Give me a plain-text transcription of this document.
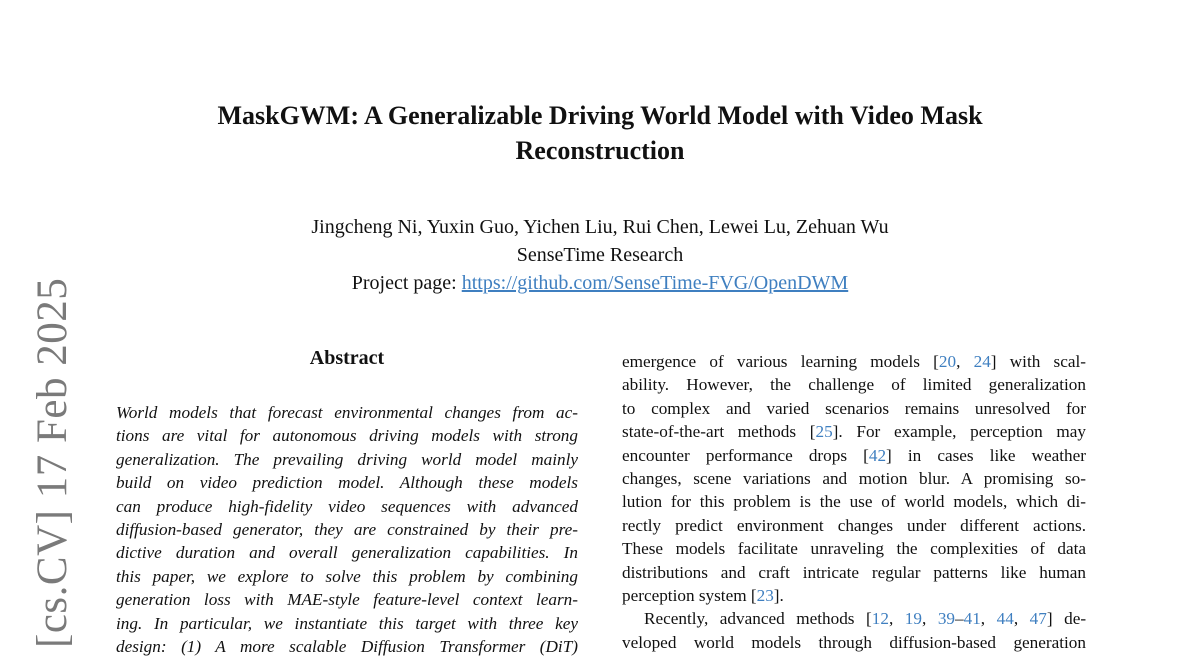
[cs.CV] 17 Feb 2025
MaskGWM: A Generalizable Driving World Model with Video Mask
Reconstruction
Jingcheng Ni, Yuxin Guo, Yichen Liu, Rui Chen, Lewei Lu, Zehuan Wu
SenseTime Research
Project page: https://github.com/SenseTime-FVG/OpenDWM
Abstract
World models that forecast environmental changes from ac-
tions are vital for autonomous driving models with strong
generalization. The prevailing driving world model mainly
build on video prediction model. Although these models
can produce high-fidelity video sequences with advanced
diffusion-based generator, they are constrained by their pre-
dictive duration and overall generalization capabilities. In
this paper, we explore to solve this problem by combining
generation loss with MAE-style feature-level context learn-
ing. In particular, we instantiate this target with three key
design: (1) A more scalable Diffusion Transformer (DiT)
emergence of various learning models [20, 24] with scal-
ability. However, the challenge of limited generalization
to complex and varied scenarios remains unresolved for
state-of-the-art methods [25]. For example, perception may
encounter performance drops [42] in cases like weather
changes, scene variations and motion blur. A promising so-
lution for this problem is the use of world models, which di-
rectly predict environment changes under different actions.
These models facilitate unraveling the complexities of data
distributions and craft intricate regular patterns like human
perception system [23].
Recently, advanced methods [12, 19, 39–41, 44, 47] de-
veloped world models through diffusion-based generation
